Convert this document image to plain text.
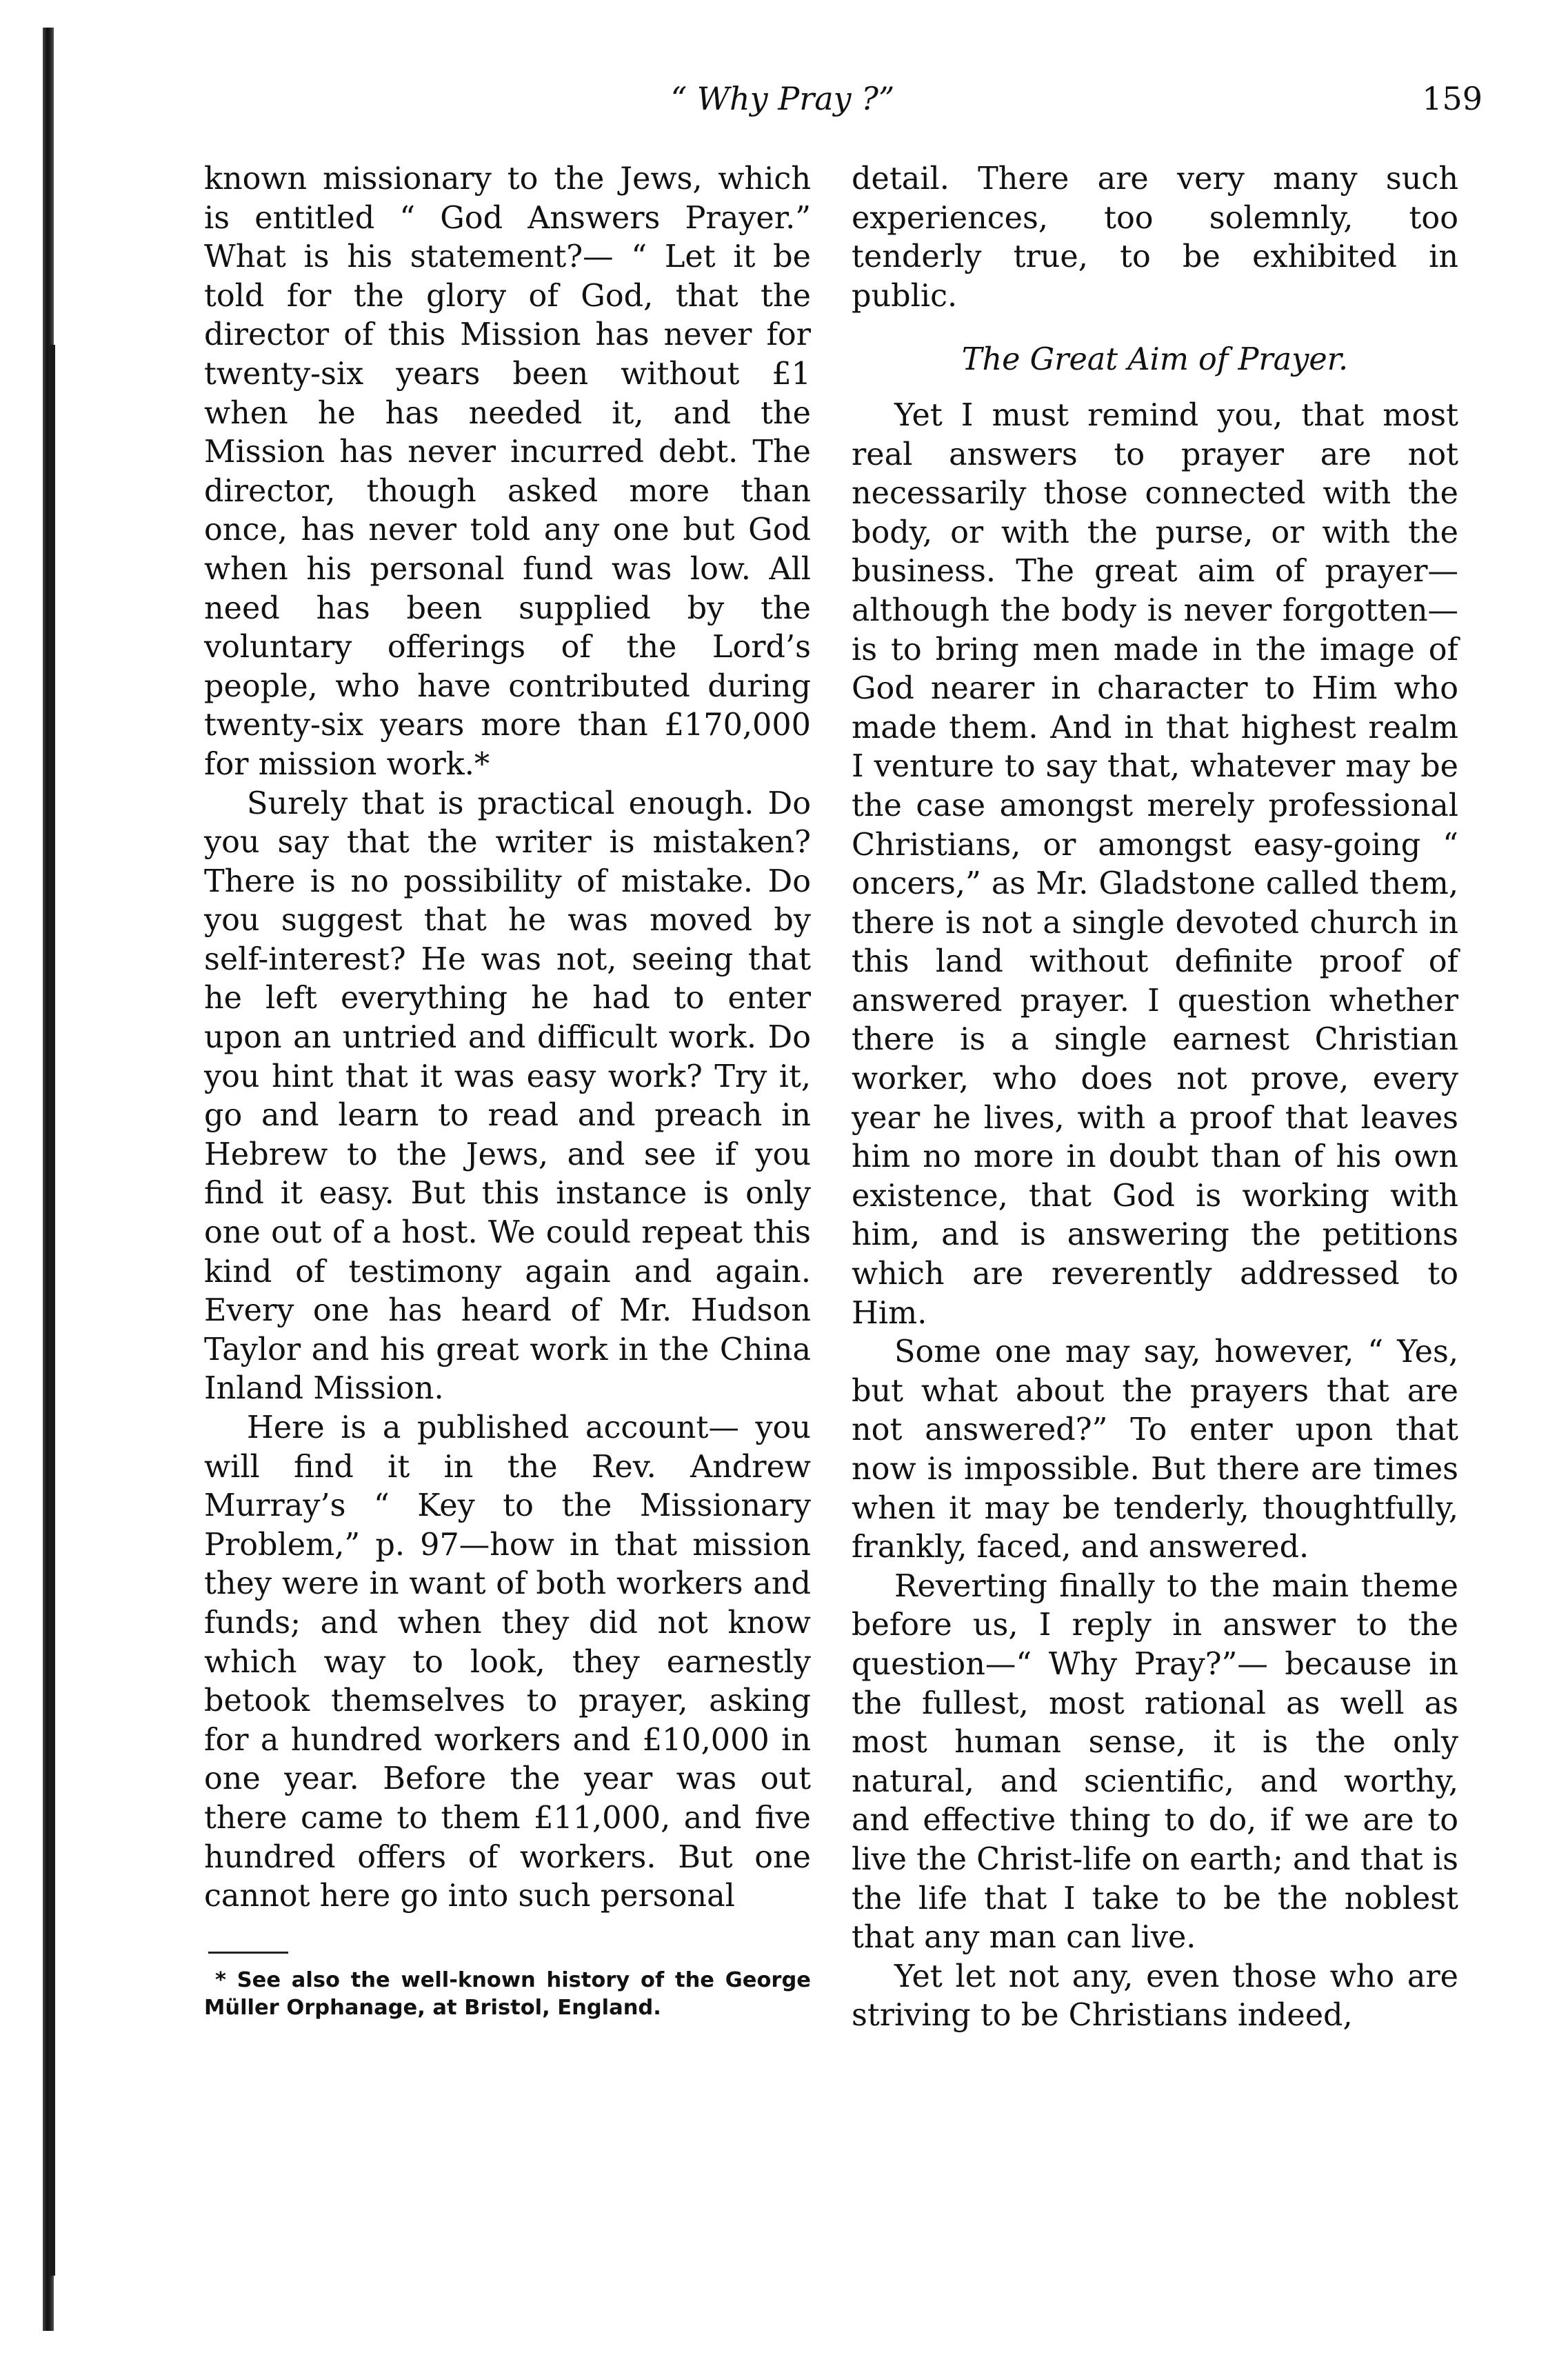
“ Why Pray ?”	159

known missionary to the Jews, which is entitled “ God Answers Prayer.” What is his statement?— “ Let it be told for the glory of God, that the director of this Mission has never for twenty-six years been without £1 when he has needed it, and the Mission has never incurred debt. The director, though asked more than once, has never told any one but God when his personal fund was low. All need has been supplied by the voluntary offerings of the Lord’s people, who have contributed during twenty-six years more than £170,000 for mission work.*

Surely that is practical enough. Do you say that the writer is mistaken? There is no possibility of mistake. Do you suggest that he was moved by self-interest? He was not, seeing that he left everything he had to enter upon an untried and difficult work. Do you hint that it was easy work? Try it, go and learn to read and preach in Hebrew to the Jews, and see if you find it easy. But this instance is only one out of a host. We could repeat this kind of testimony again and again. Every one has heard of Mr. Hudson Taylor and his great work in the China Inland Mission.

Here is a published account— you will find it in the Rev. Andrew Murray’s “ Key to the Missionary Problem,” p. 97—how in that mission they were in want of both workers and funds; and when they did not know which way to look, they earnestly betook themselves to prayer, asking for a hundred workers and £10,000 in one year. Before the year was out there came to them £11,000, and five hundred offers of workers. But one cannot here go into such personal

* See also the well-known history of the George Müller Orphanage, at Bristol, England.

detail. There are very many such experiences, too solemnly, too tenderly true, to be exhibited in public.

The Great Aim of Prayer.

Yet I must remind you, that most real answers to prayer are not necessarily those connected with the body, or with the purse, or with the business. The great aim of prayer—although the body is never forgotten—is to bring men made in the image of God nearer in character to Him who made them. And in that highest realm I venture to say that, whatever may be the case amongst merely professional Christians, or amongst easy-going “ oncers,” as Mr. Gladstone called them, there is not a single devoted church in this land without definite proof of answered prayer. I question whether there is a single earnest Christian worker, who does not prove, every year he lives, with a proof that leaves him no more in doubt than of his own existence, that God is working with him, and is answering the petitions which are reverently addressed to Him.

Some one may say, however, “ Yes, but what about the prayers that are not answered?” To enter upon that now is impossible. But there are times when it may be tenderly, thoughtfully, frankly, faced, and answered.

Reverting finally to the main theme before us, I reply in answer to the question—“ Why Pray?”— because in the fullest, most rational as well as most human sense, it is the only natural, and scientific, and worthy, and effective thing to do, if we are to live the Christ-life on earth; and that is the life that I take to be the noblest that any man can live.

Yet let not any, even those who are striving to be Christians indeed,
